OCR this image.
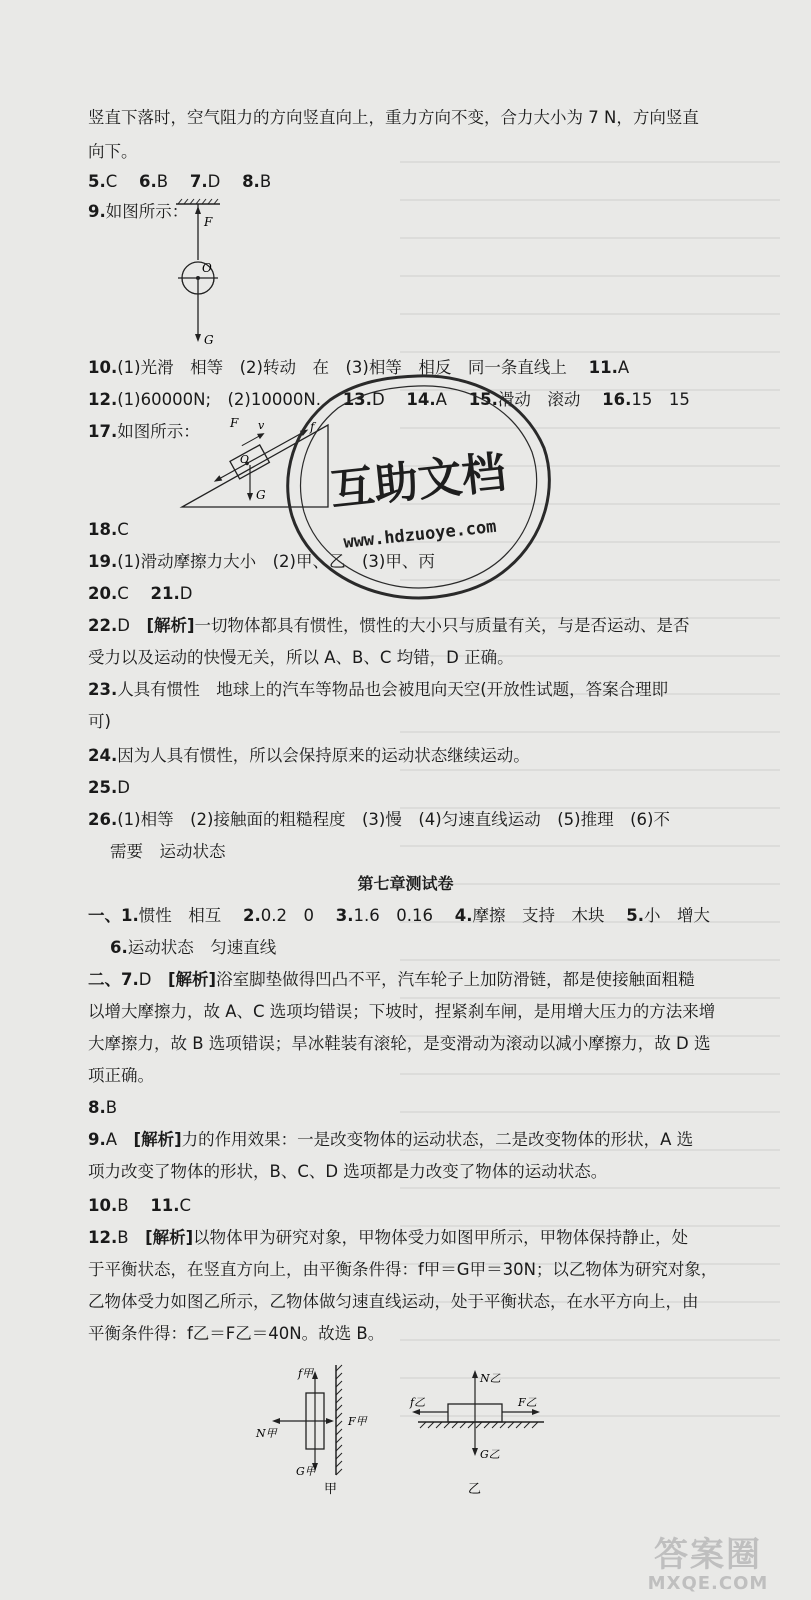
竖直下落时，空气阻力的方向竖直向上，重力方向不变，合力大小为 7 N，方向竖直
向下。
5.C　 6.B　 7.D　 8.B
9.如图所示：
F
O
G
10.(1)光滑　相等　(2)转动　在　(3)相等　相反　同一条直线上　 11.A
12.(1)60000N;　(2)10000N.　 13.D　 14.A　 15.滑动　滚动　 16.15　15
17.如图所示：	F v	f
O
G
18.C
19.(1)滑动摩擦力大小　(2)甲、乙　(3)甲、丙
20.C　 21.D
22.D　 [解析]一切物体都具有惯性，惯性的大小只与质量有关，与是否运动、是否
受力以及运动的快慢无关，所以 A、B、C 均错，D 正确。
23.人具有惯性　地球上的汽车等物品也会被甩向天空(开放性试题，答案合理即
可)
24.因为人具有惯性，所以会保持原来的运动状态继续运动。
25.D
26.(1)相等　(2)接触面的粗糙程度　(3)慢　(4)匀速直线运动　(5)推理　(6)不
需要　运动状态
第七章测试卷
一、1.惯性　相互　 2.0.2　0　 3.1.6　0.16　 4.摩擦　支持　木块　 5.小　增大
6.运动状态　匀速直线
二、7.D　 [解析]浴室脚垫做得凹凸不平，汽车轮子上加防滑链，都是使接触面粗糙
以增大摩擦力，故 A、C 选项均错误；下坡时，捏紧刹车闸，是用增大压力的方法来增
大摩擦力，故 B 选项错误；旱冰鞋装有滚轮，是变滑动为滚动以减小摩擦力，故 D 选
项正确。
8.B
9.A　 [解析]力的作用效果：一是改变物体的运动状态，二是改变物体的形状，A 选
项力改变了物体的形状，B、C、D 选项都是力改变了物体的运动状态。
10.B　 11.C
12.B　 [解析]以物体甲为研究对象，甲物体受力如图甲所示，甲物体保持静止，处
于平衡状态，在竖直方向上，由平衡条件得：f甲＝G甲＝30N；以乙物体为研究对象，
乙物体受力如图乙所示，乙物体做匀速直线运动，处于平衡状态，在水平方向上，由
平衡条件得：f乙＝F乙＝40N。故选 B。
f甲
N甲
F甲
G甲
甲
N乙
f乙	F乙
G乙
乙
互助文档
www.hdzuoye.com
答案圈
MXQE.COM
